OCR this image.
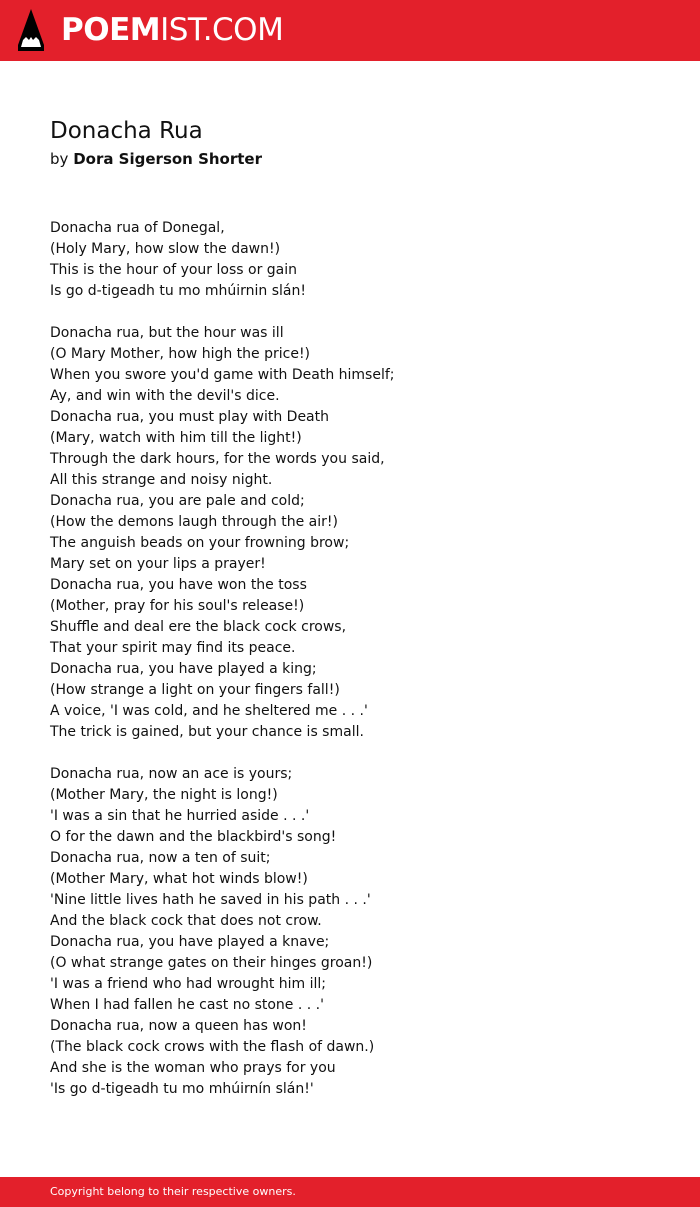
POEMIST.COM
Donacha Rua
by Dora Sigerson Shorter
Donacha rua of Donegal,
(Holy Mary, how slow the dawn!)
This is the hour of your loss or gain
Is go d-tigeadh tu mo mhúirnin slán!
Donacha rua, but the hour was ill
(O Mary Mother, how high the price!)
When you swore you'd game with Death himself;
Ay, and win with the devil's dice.
Donacha rua, you must play with Death
(Mary, watch with him till the light!)
Through the dark hours, for the words you said,
All this strange and noisy night.
Donacha rua, you are pale and cold;
(How the demons laugh through the air!)
The anguish beads on your frowning brow;
Mary set on your lips a prayer!
Donacha rua, you have won the toss
(Mother, pray for his soul's release!)
Shuffle and deal ere the black cock crows,
That your spirit may find its peace.
Donacha rua, you have played a king;
(How strange a light on your fingers fall!)
A voice, 'I was cold, and he sheltered me . . .'
The trick is gained, but your chance is small.
Donacha rua, now an ace is yours;
(Mother Mary, the night is long!)
'I was a sin that he hurried aside . . .'
O for the dawn and the blackbird's song!
Donacha rua, now a ten of suit;
(Mother Mary, what hot winds blow!)
'Nine little lives hath he saved in his path . . .'
And the black cock that does not crow.
Donacha rua, you have played a knave;
(O what strange gates on their hinges groan!)
'I was a friend who had wrought him ill;
When I had fallen he cast no stone . . .'
Donacha rua, now a queen has won!
(The black cock crows with the flash of dawn.)
And she is the woman who prays for you
'Is go d-tigeadh tu mo mhúirnín slán!'
Copyright belong to their respective owners.
